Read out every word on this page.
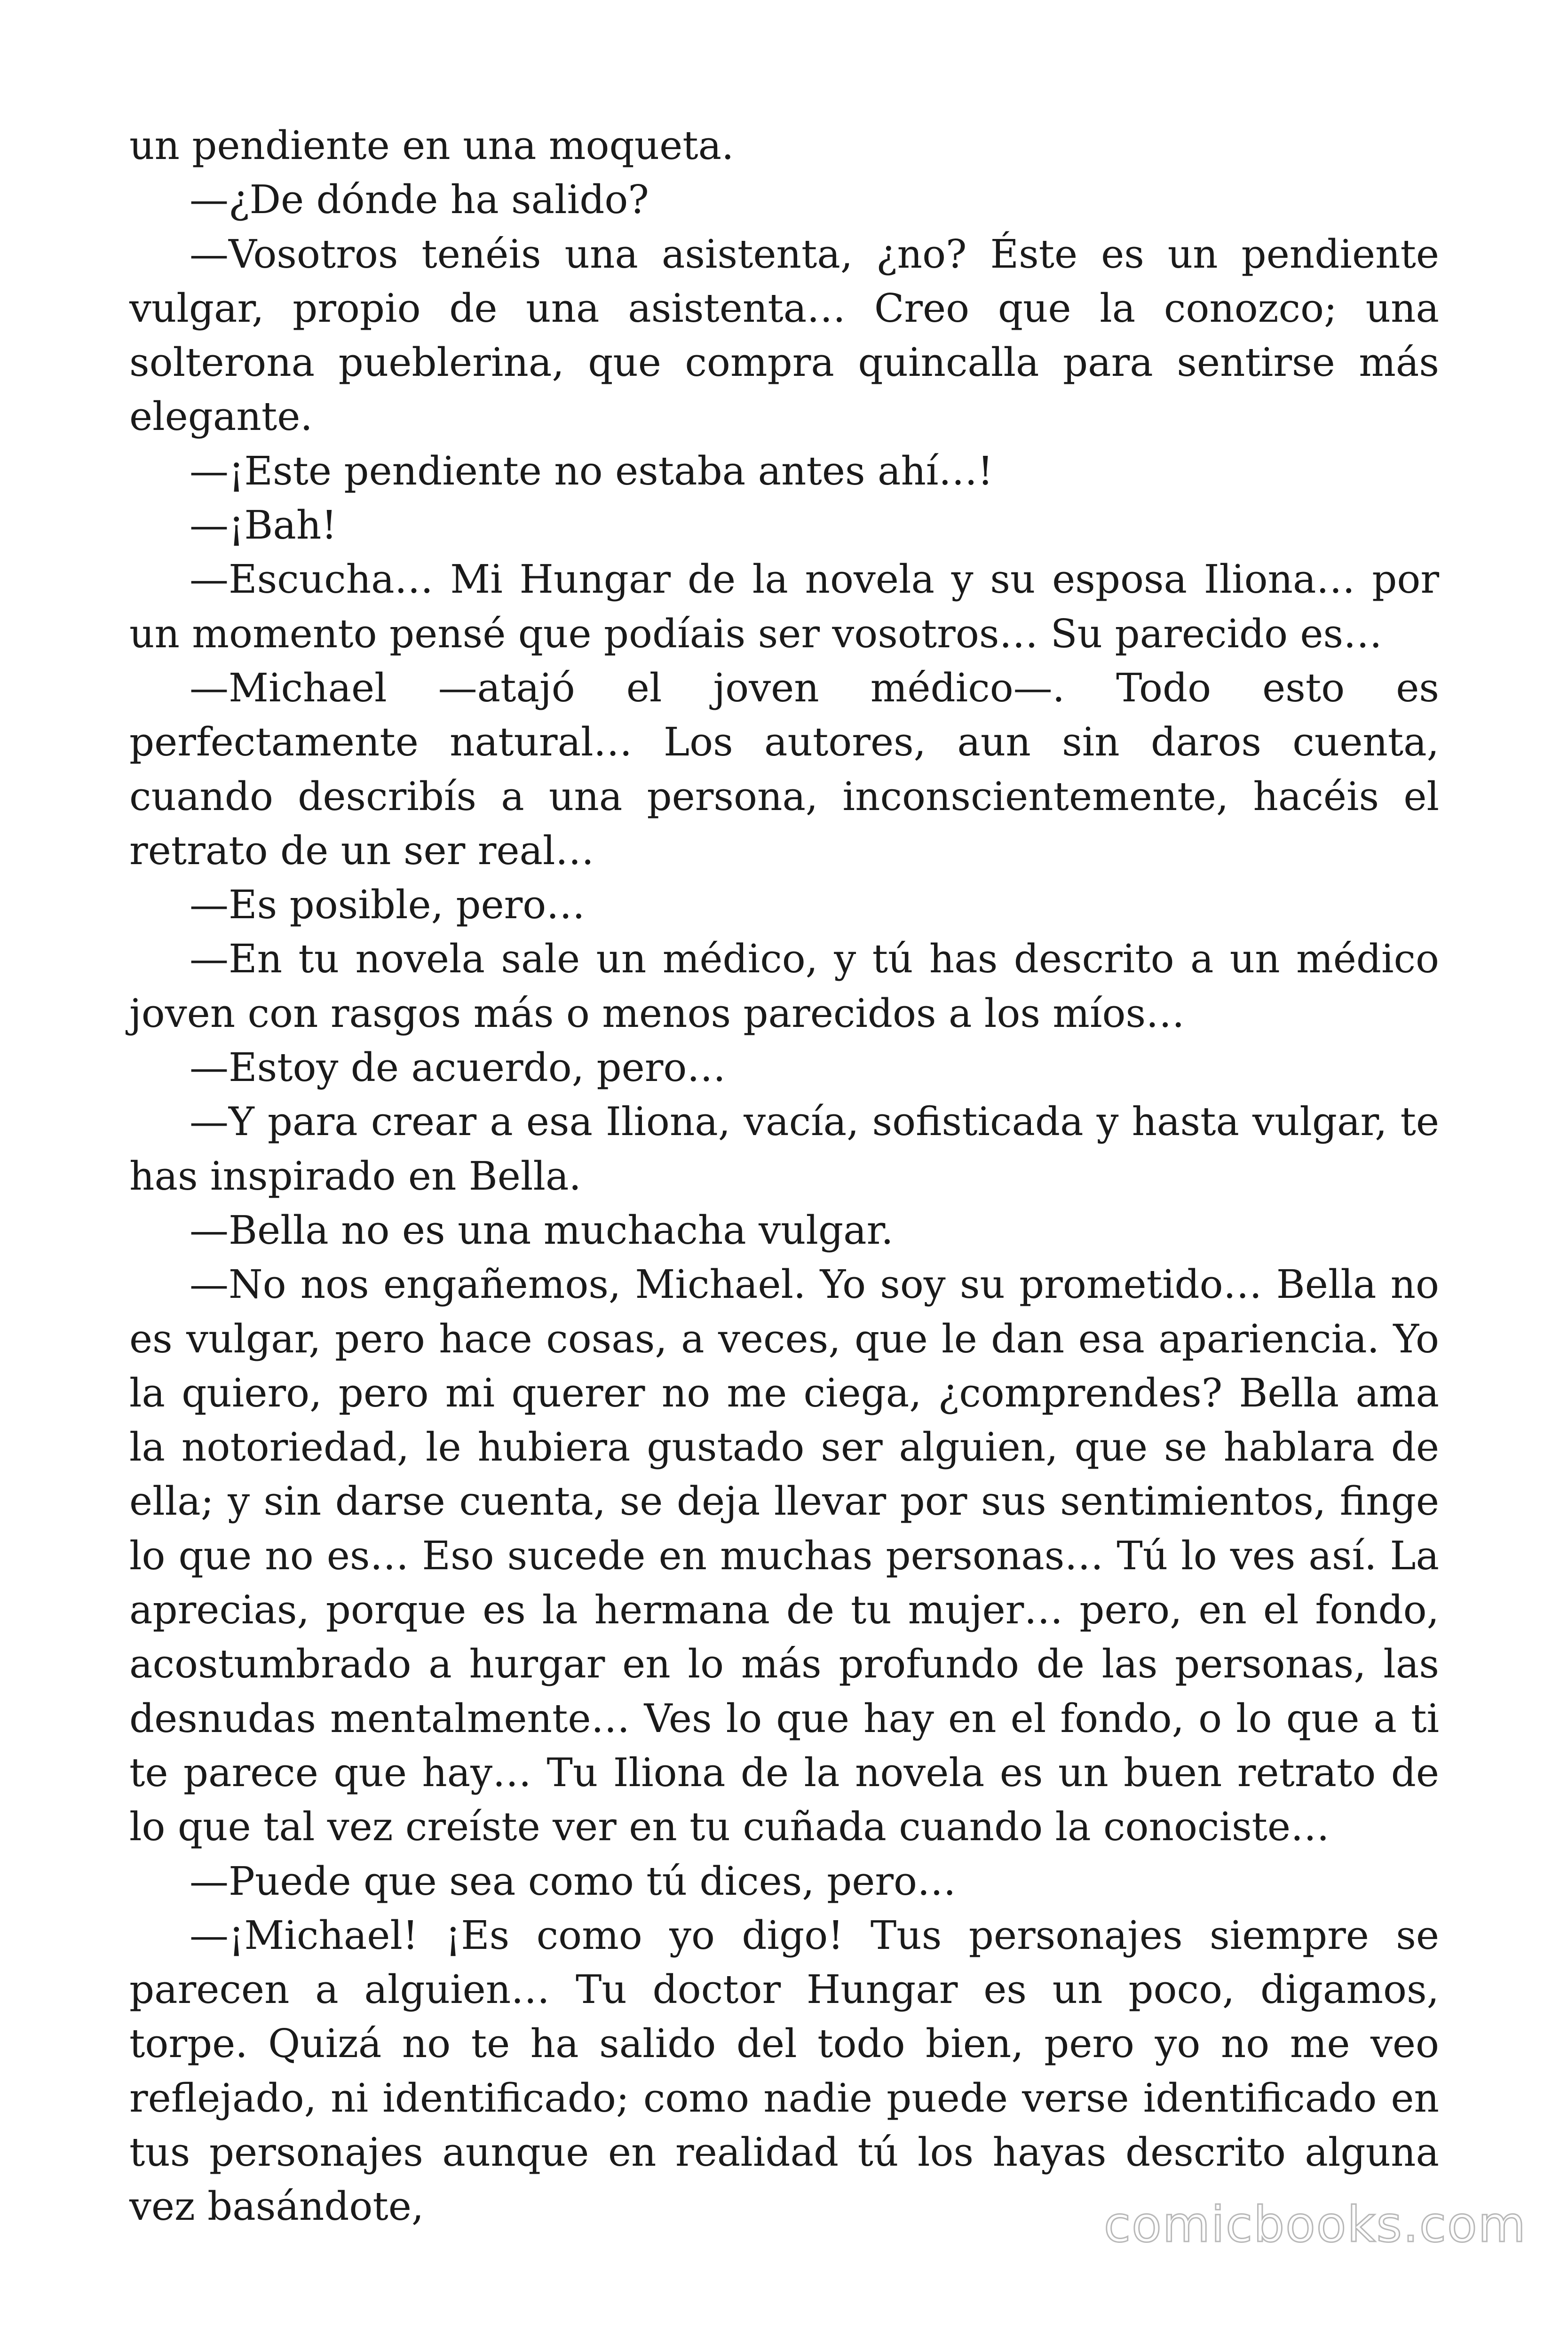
un pendiente en una moqueta.

—¿De dónde ha salido?

—Vosotros tenéis una asistenta, ¿no? Éste es un pendiente vulgar, propio de una asistenta… Creo que la conozco; una solterona pueblerina, que compra quincalla para sentirse más elegante.

—¡Este pendiente no estaba antes ahí…!

—¡Bah!

—Escucha… Mi Hungar de la novela y su esposa Iliona… por un momento pensé que podíais ser vosotros… Su parecido es…

—Michael —atajó el joven médico—. Todo esto es perfectamente natural… Los autores, aun sin daros cuenta, cuando describís a una persona, inconscientemente, hacéis el retrato de un ser real…

—Es posible, pero…

—En tu novela sale un médico, y tú has descrito a un médico joven con rasgos más o menos parecidos a los míos…

—Estoy de acuerdo, pero…

—Y para crear a esa Iliona, vacía, sofisticada y hasta vulgar, te has inspirado en Bella.

—Bella no es una muchacha vulgar.

—No nos engañemos, Michael. Yo soy su prometido… Bella no es vulgar, pero hace cosas, a veces, que le dan esa apariencia. Yo la quiero, pero mi querer no me ciega, ¿comprendes? Bella ama la notoriedad, le hubiera gustado ser alguien, que se hablara de ella; y sin darse cuenta, se deja llevar por sus sentimientos, finge lo que no es… Eso sucede en muchas personas… Tú lo ves así. La aprecias, porque es la hermana de tu mujer… pero, en el fondo, acostumbrado a hurgar en lo más profundo de las personas, las desnudas mentalmente… Ves lo que hay en el fondo, o lo que a ti te parece que hay… Tu Iliona de la novela es un buen retrato de lo que tal vez creíste ver en tu cuñada cuando la conociste…

—Puede que sea como tú dices, pero…

—¡Michael! ¡Es como yo digo! Tus personajes siempre se parecen a alguien… Tu doctor Hungar es un poco, digamos, torpe. Quizá no te ha salido del todo bien, pero yo no me veo reflejado, ni identificado; como nadie puede verse identificado en tus personajes aunque en realidad tú los hayas descrito alguna vez basándote,	comicbooks.com
